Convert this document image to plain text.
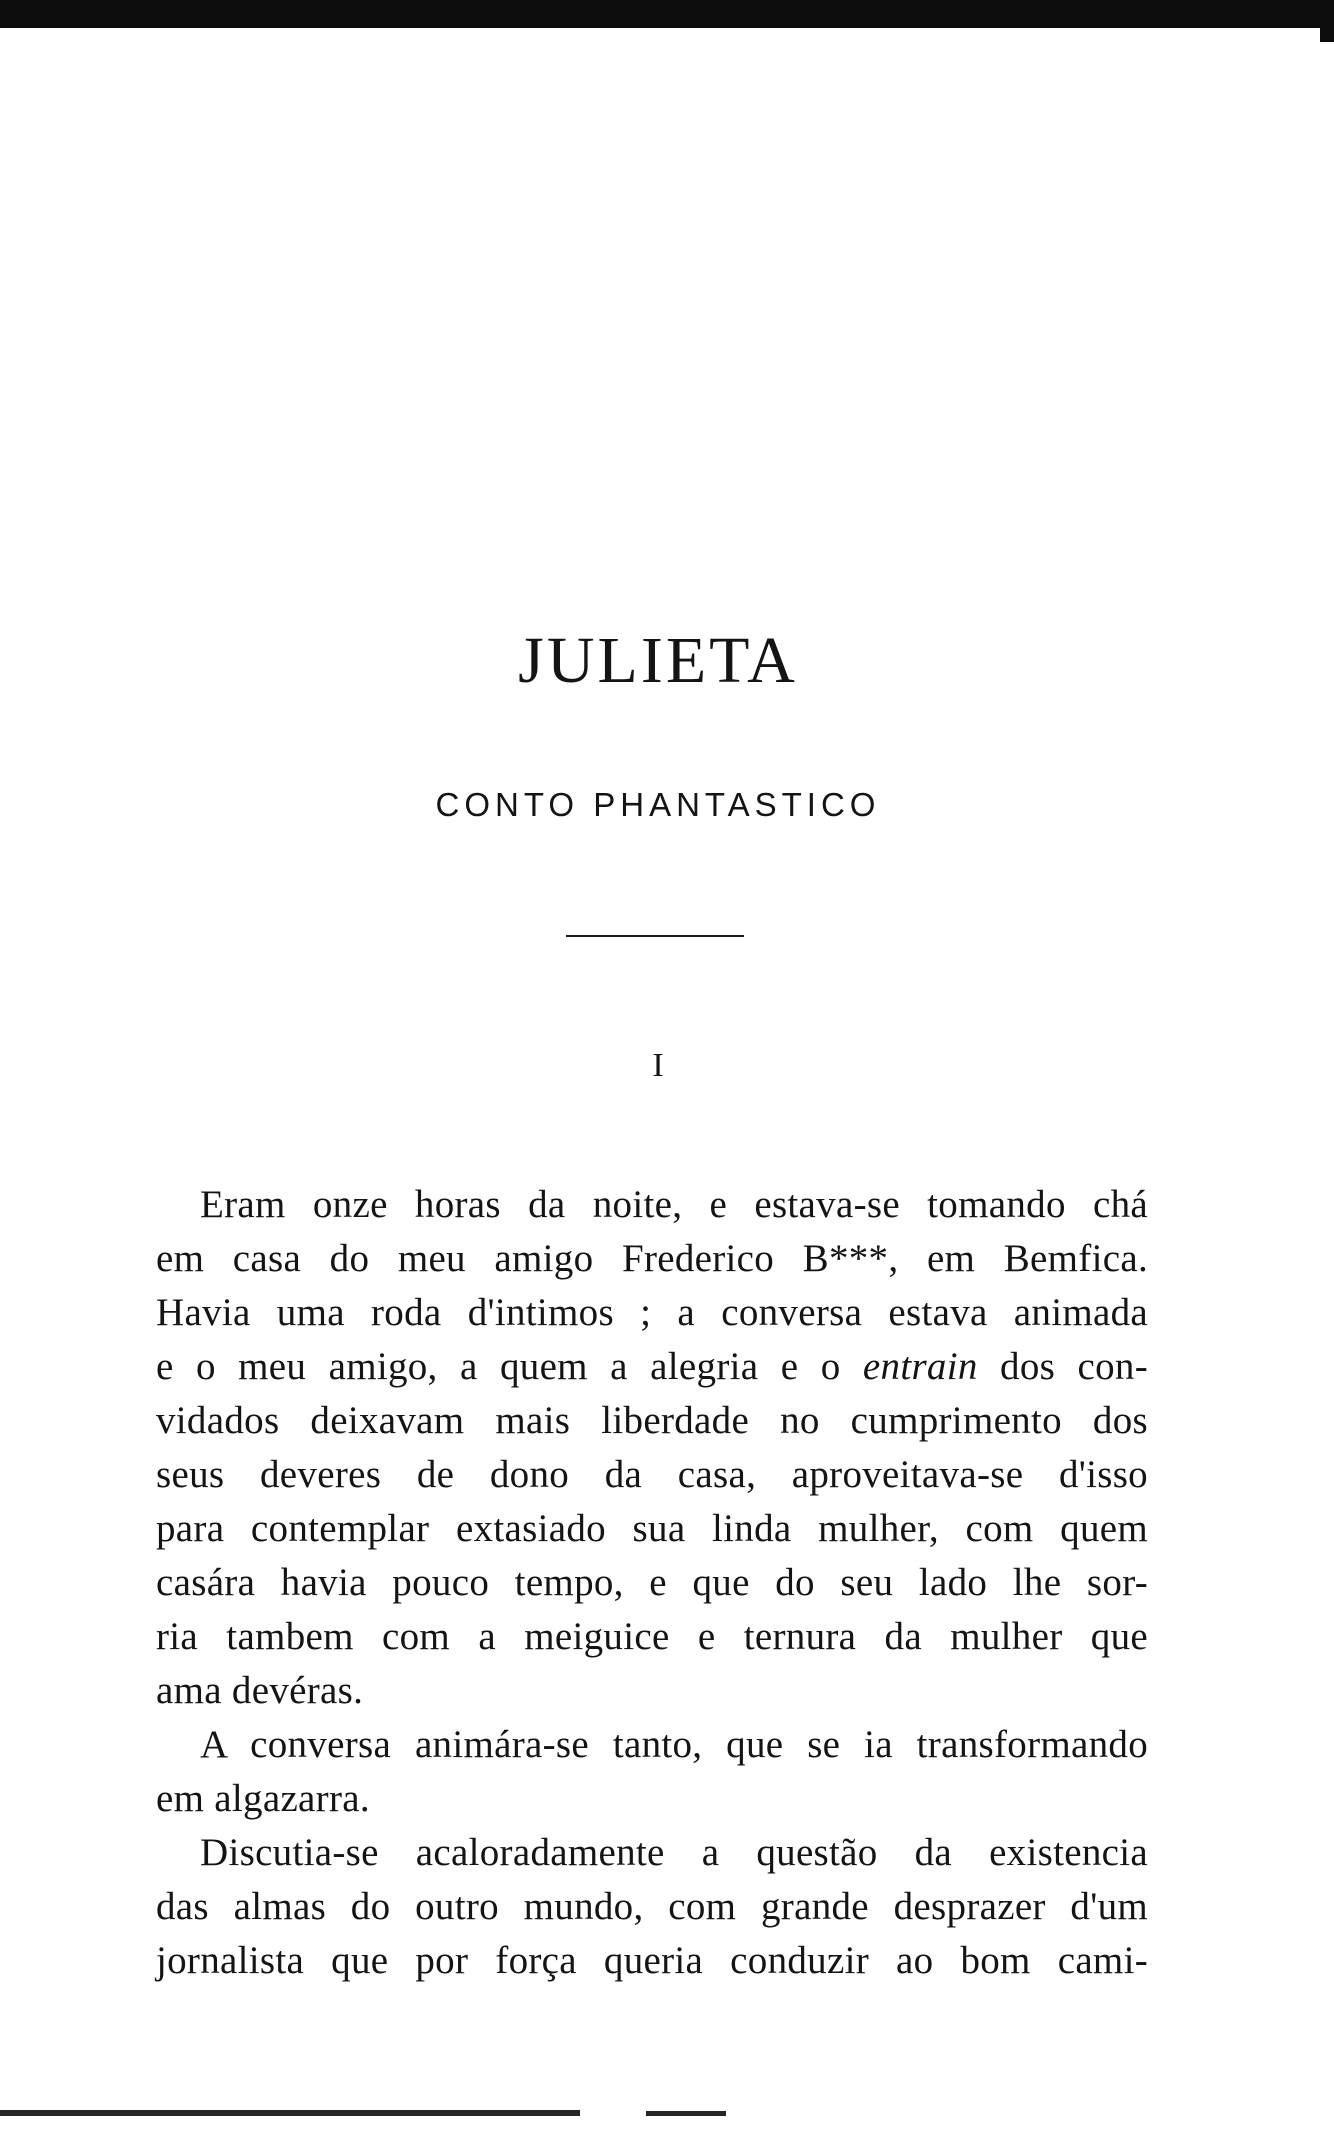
JULIETA
CONTO PHANTASTICO
I
Eram onze horas da noite, e estava-se tomando chá
em casa do meu amigo Frederico B***, em Bemfica.
Havia uma roda d'intimos ; a conversa estava animada
e o meu amigo, a quem a alegria e o entrain dos con-
vidados deixavam mais liberdade no cumprimento dos
seus deveres de dono da casa, aproveitava-se d'isso
para contemplar extasiado sua linda mulher, com quem
casára havia pouco tempo, e que do seu lado lhe sor-
ria tambem com a meiguice e ternura da mulher que
ama devéras.
A conversa animára-se tanto, que se ia transformando
em algazarra.
Discutia-se acaloradamente a questão da existencia
das almas do outro mundo, com grande desprazer d'um
jornalista que por força queria conduzir ao bom cami-
